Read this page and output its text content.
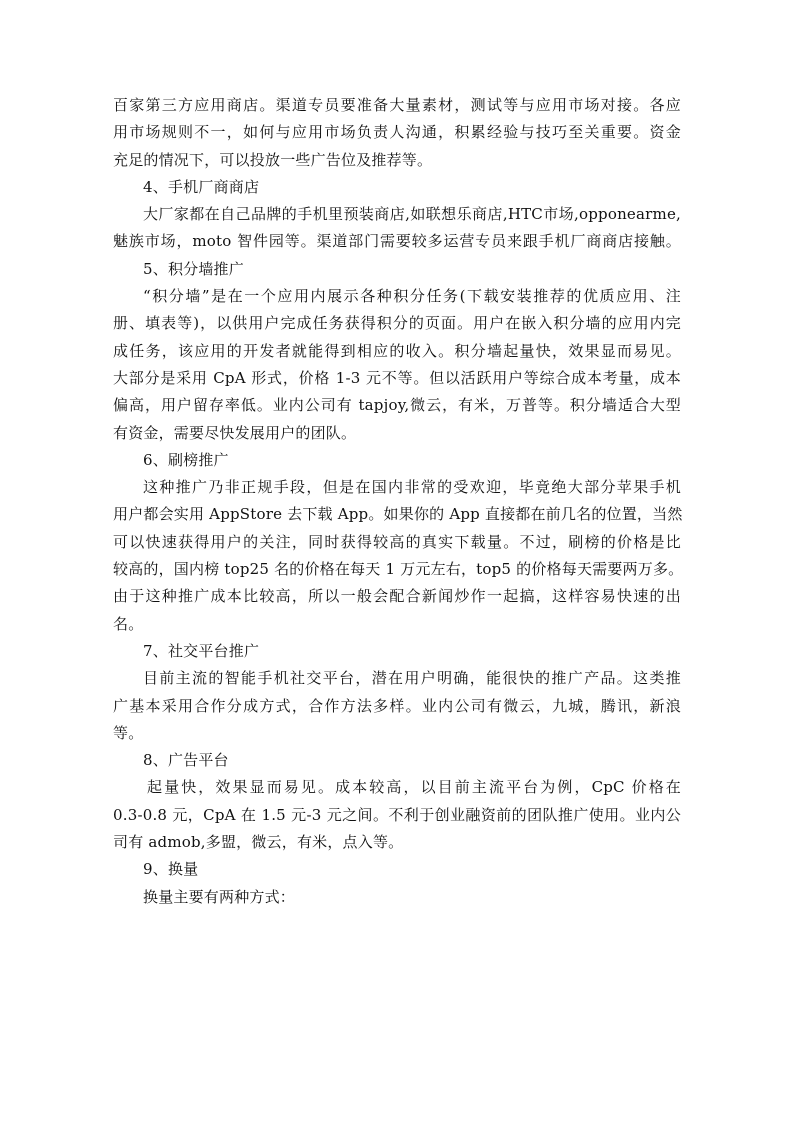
百家第三方应用商店。渠道专员要准备大量素材，测试等与应用市场对接。各应
用市场规则不一，如何与应用市场负责人沟通，积累经验与技巧至关重要。资金
充足的情况下，可以投放一些广告位及推荐等。
4、手机厂商商店
大厂家都在自己品牌的手机里预装商店,如联想乐商店,HTC市场,opponearme,
魅族市场，moto 智件园等。渠道部门需要较多运营专员来跟手机厂商商店接触。
5、积分墙推广
“积分墙”是在一个应用内展示各种积分任务(下载安装推荐的优质应用、注
册、填表等)，以供用户完成任务获得积分的页面。用户在嵌入积分墙的应用内完
成任务，该应用的开发者就能得到相应的收入。积分墙起量快，效果显而易见。
大部分是采用 CpA 形式，价格 1-3 元不等。但以活跃用户等综合成本考量，成本
偏高，用户留存率低。业内公司有 tapjoy,微云，有米，万普等。积分墙适合大型
有资金，需要尽快发展用户的团队。
6、刷榜推广
这种推广乃非正规手段，但是在国内非常的受欢迎，毕竟绝大部分苹果手机
用户都会实用 AppStore 去下载 App。如果你的 App 直接都在前几名的位置，当然
可以快速获得用户的关注，同时获得较高的真实下载量。不过，刷榜的价格是比
较高的，国内榜 top25 名的价格在每天 1 万元左右，top5 的价格每天需要两万多。
由于这种推广成本比较高，所以一般会配合新闻炒作一起搞，这样容易快速的出
名。
7、社交平台推广
目前主流的智能手机社交平台，潜在用户明确，能很快的推广产品。这类推
广基本采用合作分成方式，合作方法多样。业内公司有微云，九城，腾讯，新浪
等。
8、广告平台
起量快，效果显而易见。成本较高，以目前主流平台为例，CpC 价格在
0.3-0.8 元，CpA 在 1.5 元-3 元之间。不利于创业融资前的团队推广使用。业内公
司有 admob,多盟，微云，有米，点入等。
9、换量
换量主要有两种方式：
